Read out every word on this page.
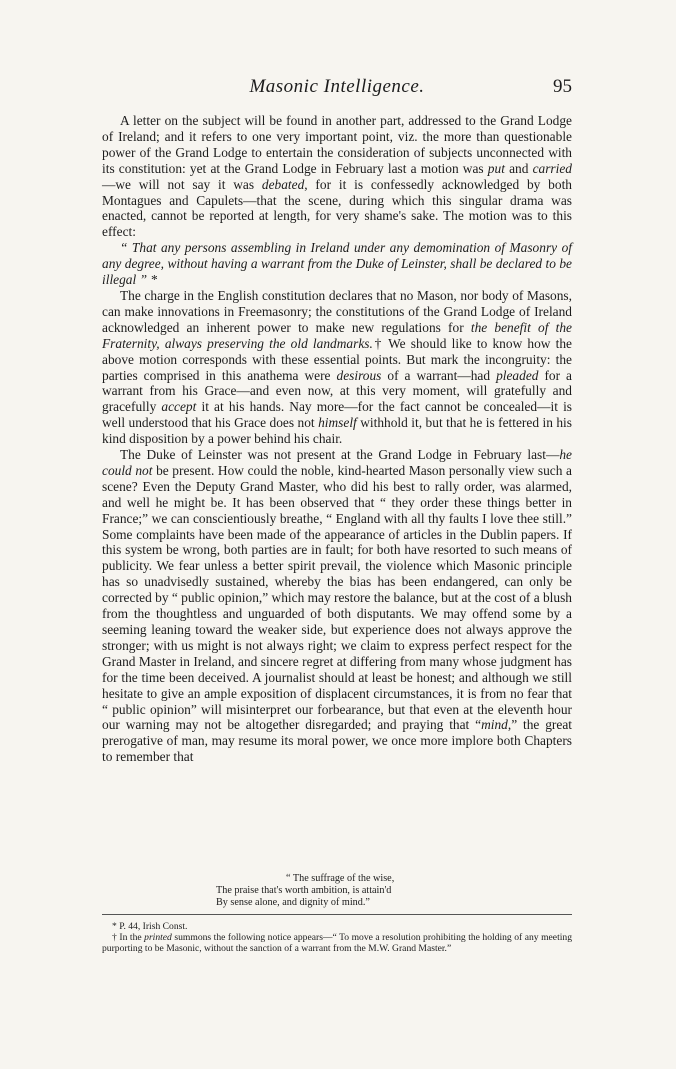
Masonic Intelligence.	95

A letter on the subject will be found in another part, addressed to the Grand Lodge of Ireland; and it refers to one very important point, viz. the more than questionable power of the Grand Lodge to entertain the consideration of subjects unconnected with its constitution: yet at the Grand Lodge in February last a motion was put and carried—we will not say it was debated, for it is confessedly acknowledged by both Montagues and Capulets—that the scene, during which this singular drama was enacted, cannot be reported at length, for very shame's sake. The motion was to this effect:

“ That any persons assembling in Ireland under any demomination of Masonry of any degree, without having a warrant from the Duke of Leinster, shall be declared to be illegal ” *

The charge in the English constitution declares that no Mason, nor body of Masons, can make innovations in Freemasonry; the constitutions of the Grand Lodge of Ireland acknowledged an inherent power to make new regulations for the benefit of the Fraternity, always preserving the old landmarks.† We should like to know how the above motion corresponds with these essential points. But mark the incongruity: the parties comprised in this anathema were desirous of a warrant—had pleaded for a warrant from his Grace—and even now, at this very moment, will gratefully and gracefully accept it at his hands. Nay more—for the fact cannot be concealed—it is well understood that his Grace does not himself withhold it, but that he is fettered in his kind disposition by a power behind his chair.

The Duke of Leinster was not present at the Grand Lodge in February last—he could not be present. How could the noble, kind-hearted Mason personally view such a scene? Even the Deputy Grand Master, who did his best to rally order, was alarmed, and well he might be. It has been observed that “ they order these things better in France;” we can conscientiously breathe, “ England with all thy faults I love thee still.” Some complaints have been made of the appearance of articles in the Dublin papers. If this system be wrong, both parties are in fault; for both have resorted to such means of publicity. We fear unless a better spirit prevail, the violence which Masonic principle has so unadvisedly sustained, whereby the bias has been endangered, can only be corrected by “ public opinion,” which may restore the balance, but at the cost of a blush from the thoughtless and unguarded of both disputants. We may offend some by a seeming leaning toward the weaker side, but experience does not always approve the stronger; with us might is not always right; we claim to express perfect respect for the Grand Master in Ireland, and sincere regret at differing from many whose judgment has for the time been deceived. A journalist should at least be honest; and although we still hesitate to give an ample exposition of displacent circumstances, it is from no fear that “ public opinion” will misinterpret our forbearance, but that even at the eleventh hour our warning may not be altogether disregarded; and praying that “mind,” the great prerogative of man, may resume its moral power, we once more implore both Chapters to remember that

“ The suffrage of the wise,
The praise that's worth ambition, is attain'd
By sense alone, and dignity of mind.”

* P. 44, Irish Const.

† In the printed summons the following notice appears—“ To move a resolution prohibiting the holding of any meeting purporting to be Masonic, without the sanction of a warrant from the M.W. Grand Master.”
